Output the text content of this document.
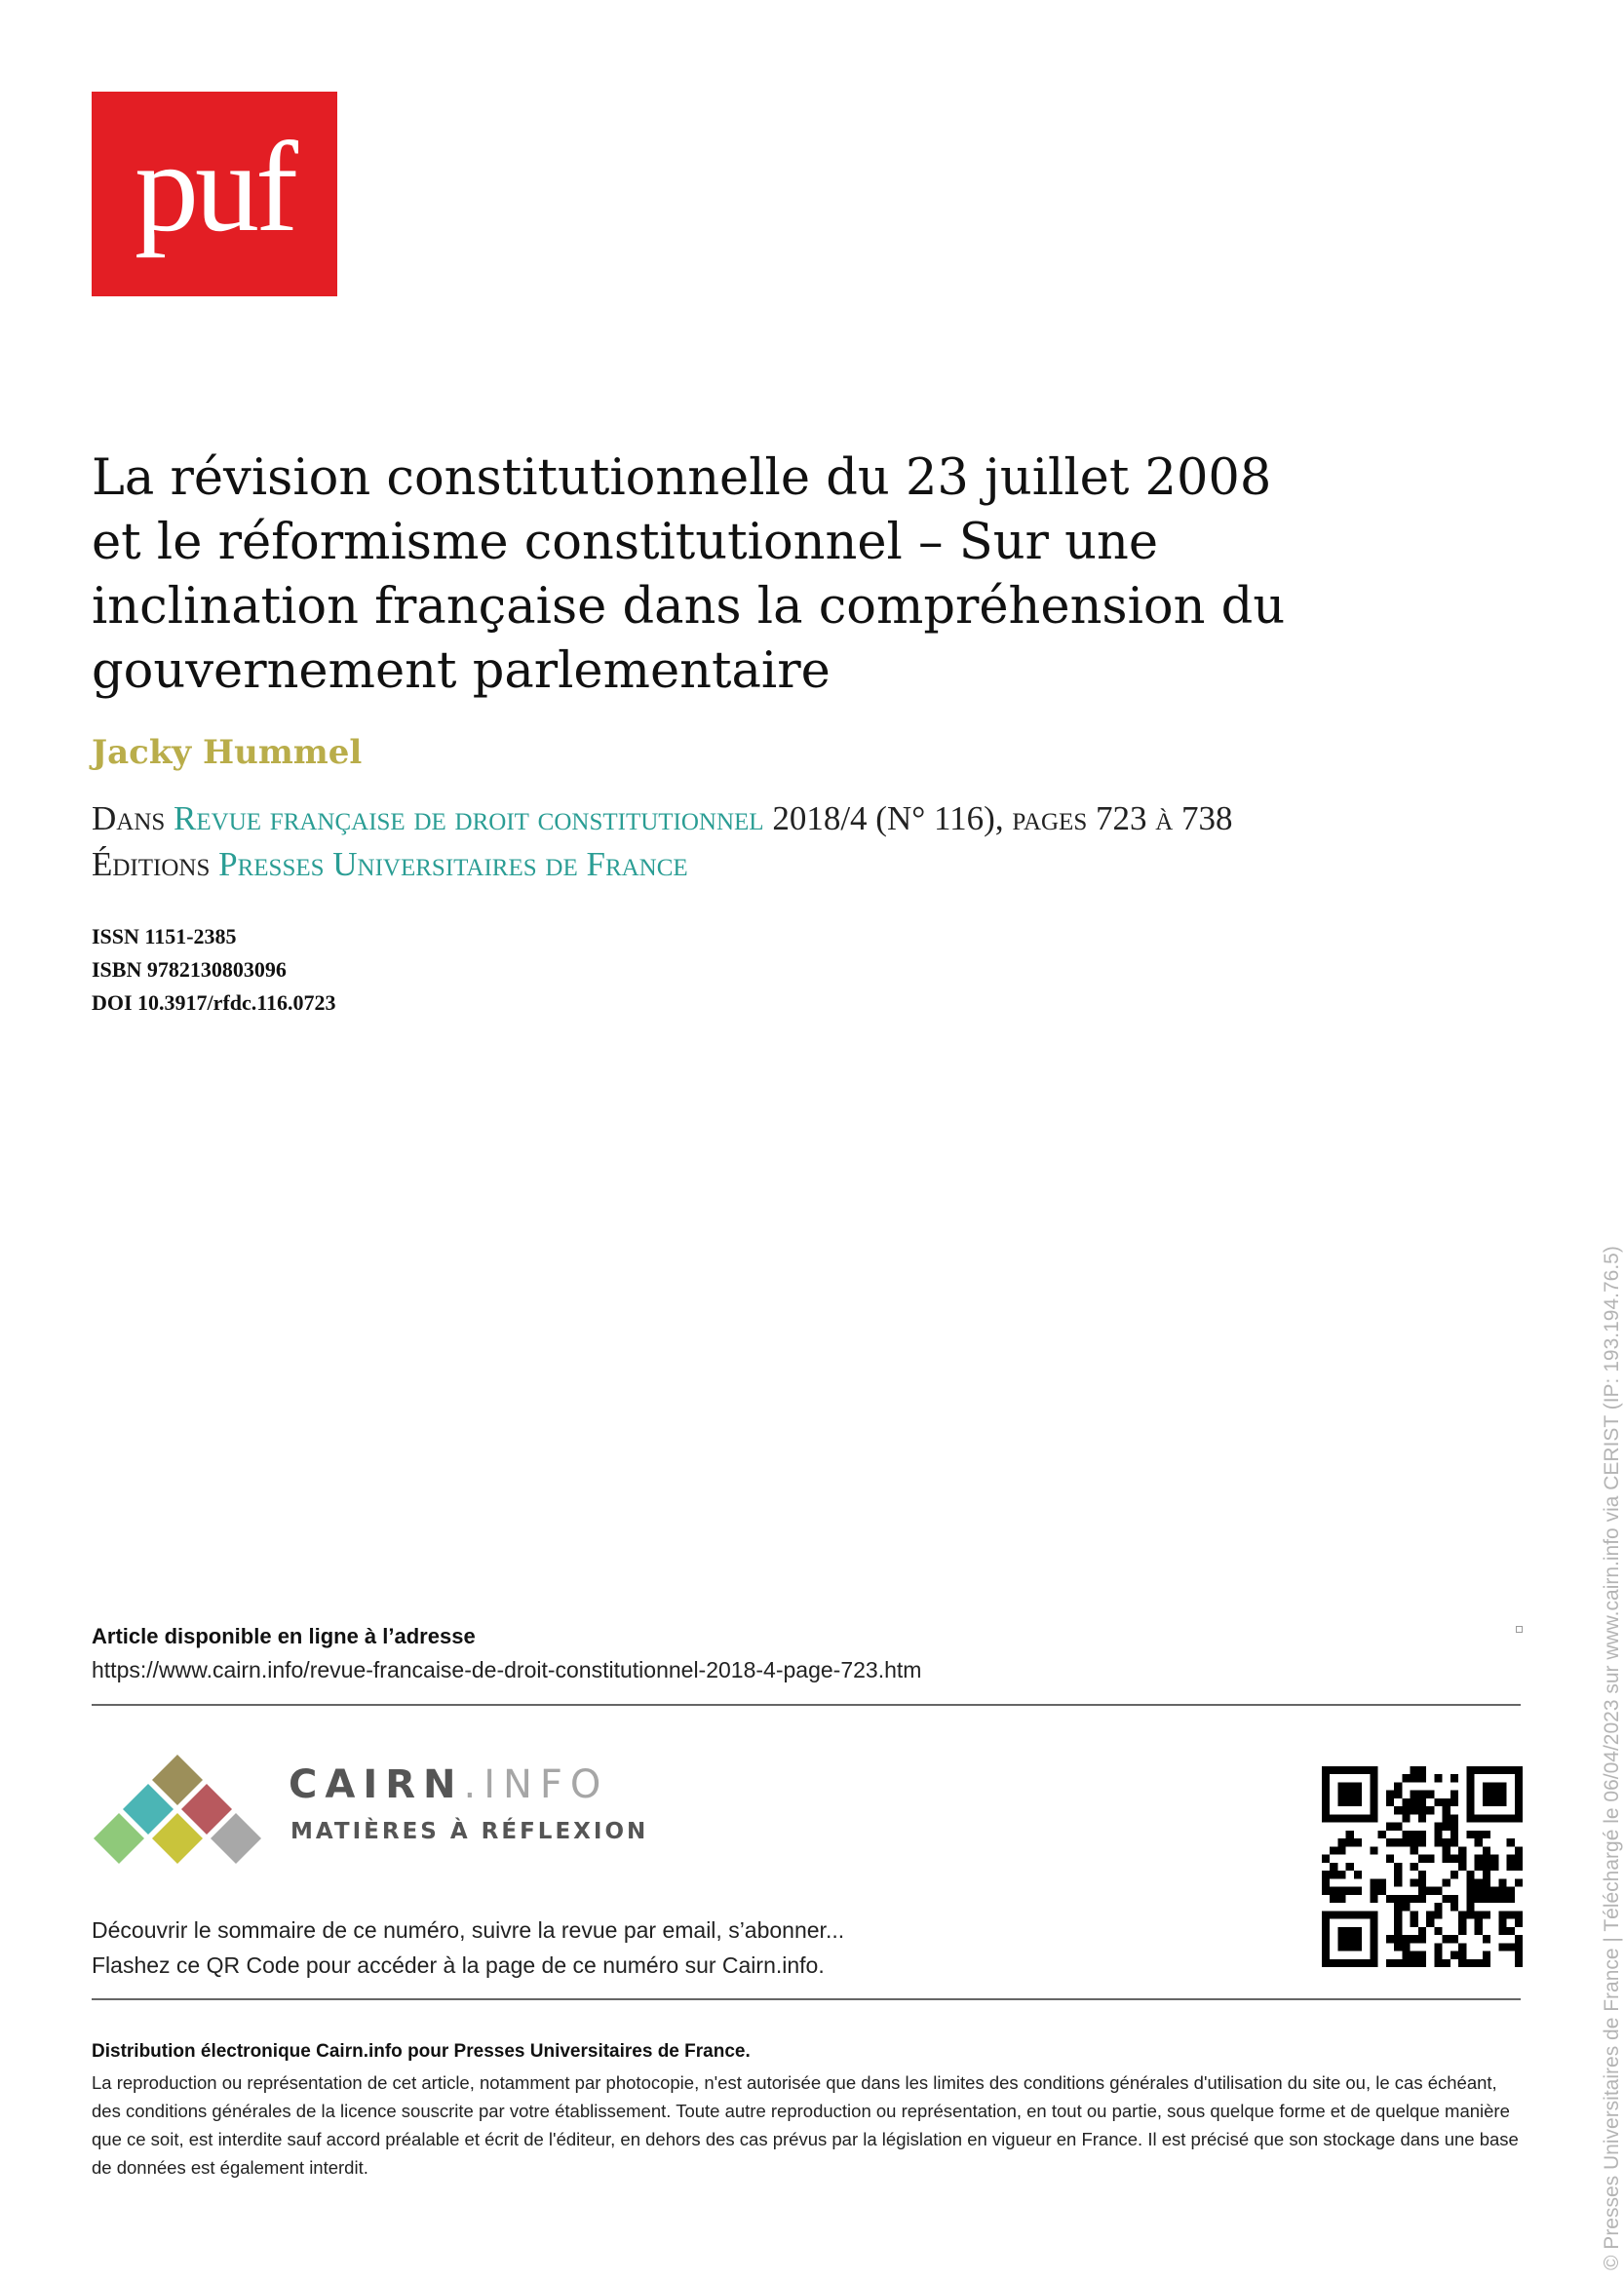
puf
La révision constitutionnelle du 23 juillet 2008 et le réformisme constitutionnel – Sur une inclination française dans la compréhension du gouvernement parlementaire
Jacky Hummel
Dans Revue française de droit constitutionnel 2018/4 (N° 116), pages 723 à 738
Éditions Presses Universitaires de France
ISSN 1151-2385
ISBN 9782130803096
DOI 10.3917/rfdc.116.0723
Article disponible en ligne à l’adresse
https://www.cairn.info/revue-francaise-de-droit-constitutionnel-2018-4-page-723.htm
CAIRN.INFO
MATIÈRES À RÉFLEXION
Découvrir le sommaire de ce numéro, suivre la revue par email, s’abonner...
Flashez ce QR Code pour accéder à la page de ce numéro sur Cairn.info.
Distribution électronique Cairn.info pour Presses Universitaires de France.

La reproduction ou représentation de cet article, notamment par photocopie, n'est autorisée que dans les limites des conditions générales d'utilisation du site ou, le cas échéant, des conditions générales de la licence souscrite par votre établissement. Toute autre reproduction ou représentation, en tout ou partie, sous quelque forme et de quelque manière que ce soit, est interdite sauf accord préalable et écrit de l'éditeur, en dehors des cas prévus par la législation en vigueur en France. Il est précisé que son stockage dans une base de données est également interdit.	© Presses Universitaires de France | Téléchargé le 06/04/2023 sur www.cairn.info via CERIST (IP: 193.194.76.5)
